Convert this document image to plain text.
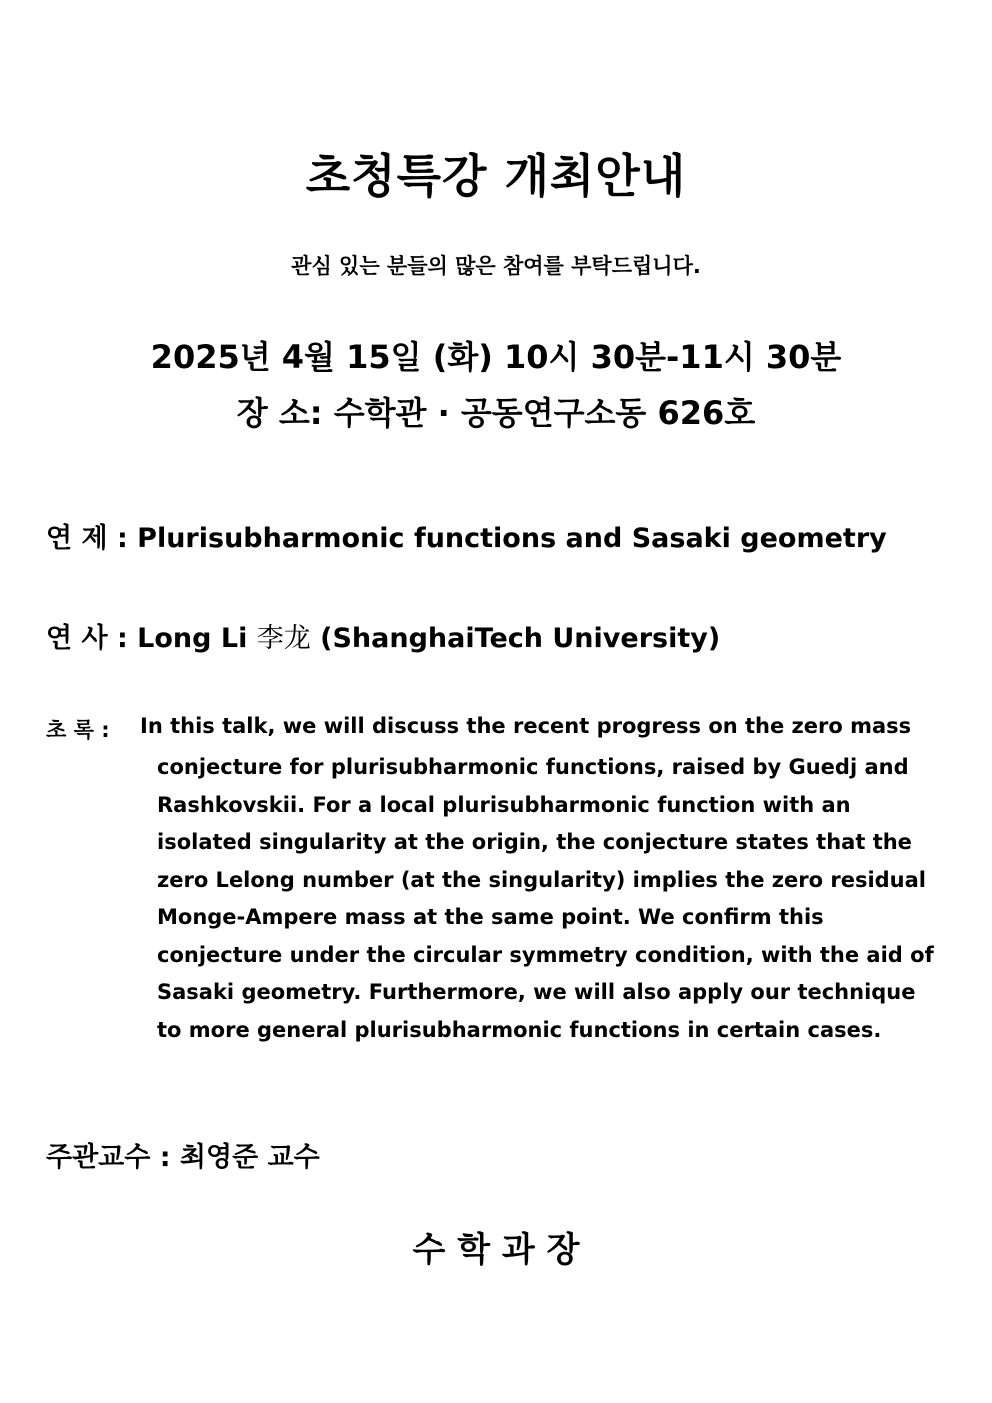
초청특강 개최안내
관심 있는 분들의 많은 참여를 부탁드립니다.
2025년 4월 15일 (화) 10시 30분-11시 30분
장 소: 수학관 · 공동연구소동 626호
연 제 : Plurisubharmonic functions and Sasaki geometry
연 사 : Long Li 李龙 (ShanghaiTech University)
초 록 : In this talk, we will discuss the recent progress on the zero mass
conjecture for plurisubharmonic functions, raised by Guedj and
Rashkovskii. For a local plurisubharmonic function with an
isolated singularity at the origin, the conjecture states that the
zero Lelong number (at the singularity) implies the zero residual
Monge-Ampere mass at the same point. We confirm this
conjecture under the circular symmetry condition, with the aid of
Sasaki geometry. Furthermore, we will also apply our technique
to more general plurisubharmonic functions in certain cases.
주관교수 : 최영준 교수
수 학 과 장
